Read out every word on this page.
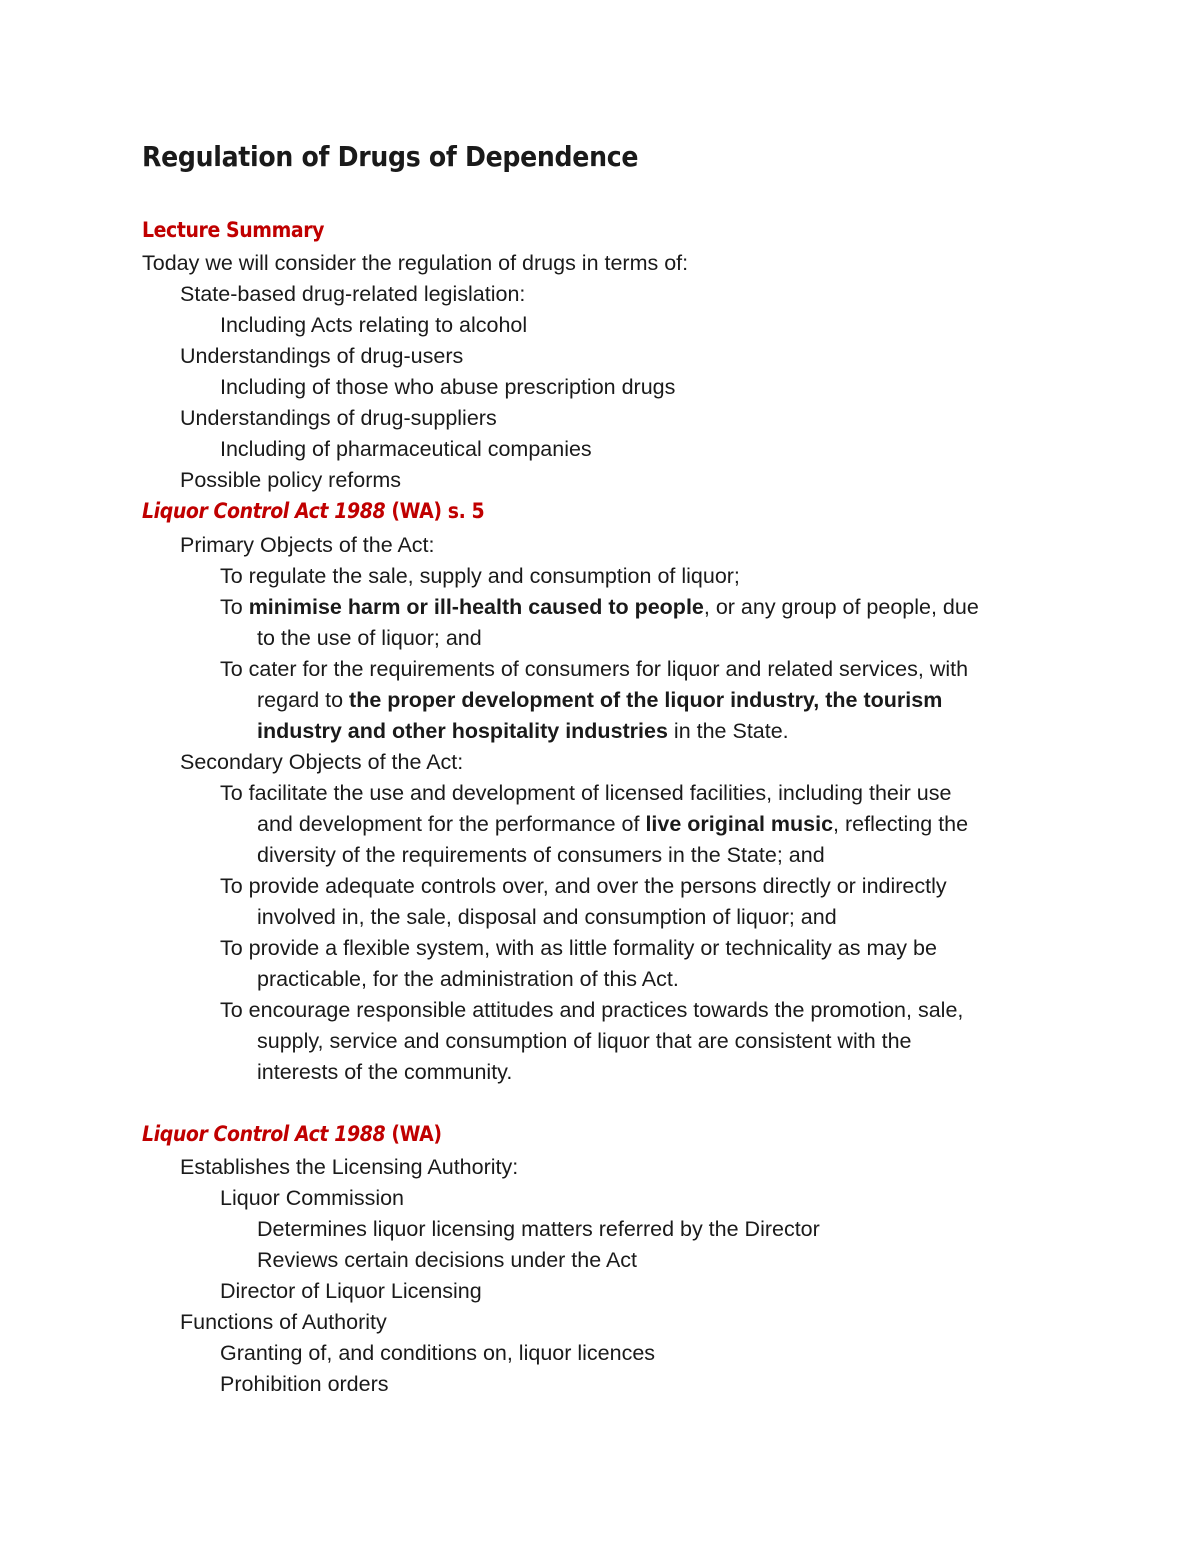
Regulation of Drugs of Dependence
Lecture Summary
Today we will consider the regulation of drugs in terms of:
State-based drug-related legislation:
Including Acts relating to alcohol
Understandings of drug-users
Including of those who abuse prescription drugs
Understandings of drug-suppliers
Including of pharmaceutical companies
Possible policy reforms
Liquor Control Act 1988 (WA) s. 5
Primary Objects of the Act:
To regulate the sale, supply and consumption of liquor;
To minimise harm or ill-health caused to people, or any group of people, due
to the use of liquor; and
To cater for the requirements of consumers for liquor and related services, with
regard to the proper development of the liquor industry, the tourism
industry and other hospitality industries in the State.
Secondary Objects of the Act:
To facilitate the use and development of licensed facilities, including their use
and development for the performance of live original music, reflecting the
diversity of the requirements of consumers in the State; and
To provide adequate controls over, and over the persons directly or indirectly
involved in, the sale, disposal and consumption of liquor; and
To provide a flexible system, with as little formality or technicality as may be
practicable, for the administration of this Act.
To encourage responsible attitudes and practices towards the promotion, sale,
supply, service and consumption of liquor that are consistent with the
interests of the community.
Liquor Control Act 1988 (WA)
Establishes the Licensing Authority:
Liquor Commission
Determines liquor licensing matters referred by the Director
Reviews certain decisions under the Act
Director of Liquor Licensing
Functions of Authority
Granting of, and conditions on, liquor licences
Prohibition orders
